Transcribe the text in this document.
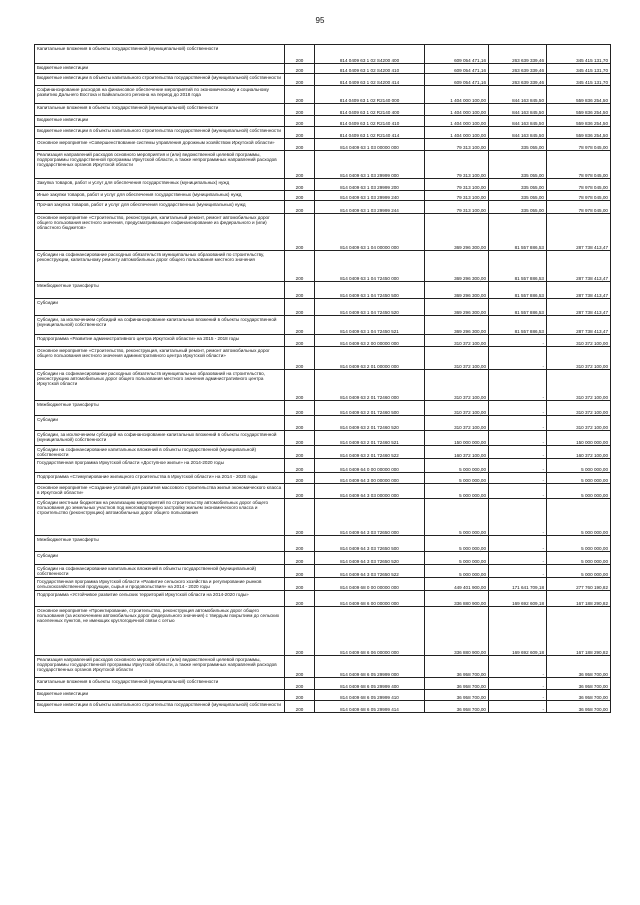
95
Капитальные вложения в объекты государственной (муниципальной) собственности	200	814 0409 63 1 02 S4200 400	609 054 471,16	263 639 339,46	345 415 131,70
Бюджетные инвестиции	200	814 0409 63 1 02 S4200 410	609 054 471,16	263 639 339,46	345 415 131,70
Бюджетные инвестиции в объекты капитального строительства государственной (муниципальной) собственности	200	814 0409 63 1 02 S4200 414	609 054 471,16	263 639 339,46	345 415 131,70
Софинансирование расходов на финансовое обеспечение мероприятий по экономическому и социальному развитию Дальнего Востока и Байкальского региона на период до 2018 года	200	814 0409 63 1 02 R2140 000	1 404 000 100,00	844 163 845,50	559 836 254,50
Капитальные вложения в объекты государственной (муниципальной) собственности	200	814 0409 63 1 02 R2140 400	1 404 000 100,00	844 163 845,50	559 836 254,50
Бюджетные инвестиции	200	814 0409 63 1 02 R2140 410	1 404 000 100,00	844 163 845,50	559 836 254,50
Бюджетные инвестиции в объекты капитального строительства государственной (муниципальной) собственности	200	814 0409 63 1 02 R2140 414	1 404 000 100,00	844 163 845,50	559 836 254,50
Основное мероприятие «Совершенствование системы управления дорожным хозяйством Иркутской области»	200	814 0409 63 1 03 00000 000	79 313 100,00	335 055,00	78 978 045,00
Реализация направлений расходов основного мероприятия и (или) ведомственной целевой программы, подпрограммы государственной программы Иркутской области, а также непрограммных направлений расходов государственных органов Иркутской области	200	814 0409 63 1 03 29999 000	79 313 100,00	335 055,00	78 978 045,00
Закупка товаров, работ и услуг для обеспечения государственных (муниципальных) нужд	200	814 0409 63 1 03 29999 200	79 313 100,00	335 055,00	78 978 045,00
Иные закупки товаров, работ и услуг для обеспечения государственных (муниципальных) нужд	200	814 0409 63 1 03 29999 240	79 313 100,00	335 055,00	78 978 045,00
Прочая закупка товаров, работ и услуг для обеспечения государственных (муниципальных) нужд	200	814 0409 63 1 03 29999 244	79 313 100,00	335 055,00	78 978 045,00
Основное мероприятие «Строительство, реконструкция, капитальный ремонт, ремонт автомобильных дорог общего пользования местного значения, предусматривающее софинансирование из федерального и (или) областного бюджетов»	200	814 0409 63 1 04 00000 000	369 296 300,00	81 557 886,53	287 738 413,47
Субсидии на софинансирование расходных обязательств муниципальных образований по строительству, реконструкции, капитальному ремонту автомобильных дорог общего пользования местного значения	200	814 0409 63 1 04 72450 000	369 296 300,00	81 557 886,53	287 738 413,47
Межбюджетные трансферты	200	814 0409 63 1 04 72450 500	369 296 300,00	81 557 886,53	287 738 413,47
Субсидии	200	814 0409 63 1 04 72450 520	369 296 300,00	81 557 886,53	287 738 413,47
Субсидии, за исключением субсидий на софинансирование капитальных вложений в объекты государственной (муниципальной) собственности	200	814 0409 63 1 04 72450 521	369 296 300,00	81 557 886,53	287 738 413,47
Подпрограмма «Развитие административного центра Иркутской области» на 2015 - 2018 годы	200	814 0409 63 2 00 00000 000	310 372 100,00	-	310 372 100,00
Основное мероприятие «Строительство, реконструкция, капитальный ремонт, ремонт автомобильных дорог общего пользования местного значения административного центра Иркутской области»	200	814 0409 63 2 01 00000 000	310 372 100,00	-	310 372 100,00
Субсидии на софинансирование расходных обязательств муниципальных образований на строительство, реконструкцию автомобильных дорог общего пользования местного значения административного центра Иркутской области	200	814 0409 63 2 01 72460 000	310 372 100,00	-	310 372 100,00
Межбюджетные трансферты	200	814 0409 63 2 01 72460 500	310 372 100,00	-	310 372 100,00
Субсидии	200	814 0409 63 2 01 72460 520	310 372 100,00	-	310 372 100,00
Субсидии, за исключением субсидий на софинансирование капитальных вложений в объекты государственной (муниципальной) собственности	200	814 0409 63 2 01 72460 521	150 000 000,00	-	150 000 000,00
Субсидии на софинансирование капитальных вложений в объекты государственной (муниципальной) собственности	200	814 0409 63 2 01 72460 522	160 372 100,00	-	160 372 100,00
Государственная программа Иркутской области «Доступное жилье» на 2014-2020 годы	200	814 0409 64 0 00 00000 000	5 000 000,00	-	5 000 000,00
Подпрограмма «Стимулирование жилищного строительства в Иркутской области» на 2014 - 2020 годы	200	814 0409 64 3 00 00000 000	5 000 000,00	-	5 000 000,00
Основное мероприятие «Создание условий для развития массового строительства жилья экономического класса в Иркутской области»	200	814 0409 64 3 03 00000 000	5 000 000,00	-	5 000 000,00
Субсидии местным бюджетам на реализацию мероприятий по строительству автомобильных дорог общего пользования до земельных участков под многоквартирную застройку жильем экономического класса и строительство (реконструкцию) автомобильных дорог общего пользования	200	814 0409 64 3 03 72650 000	5 000 000,00	-	5 000 000,00
Межбюджетные трансферты	200	814 0409 64 3 03 72650 500	5 000 000,00	-	5 000 000,00
Субсидии	200	814 0409 64 3 03 72650 520	5 000 000,00	-	5 000 000,00
Субсидии на софинансирование капитальных вложений в объекты государственной (муниципальной) собственности	200	814 0409 64 3 03 72650 522	5 000 000,00	-	5 000 000,00
Государственная программа Иркутской области «Развитие сельского хозяйства и регулирование рынков сельскохозяйственной продукции, сырья и продовольствия» на 2014 - 2020 годы	200	814 0409 68 0 00 00000 000	449 401 900,00	171 641 709,18	277 760 190,82
Подпрограмма «Устойчивое развитие сельских территорий Иркутской области на 2014-2020 годы»	200	814 0409 68 6 00 00000 000	336 880 900,00	169 692 609,18	167 188 290,82
Основное мероприятие «Проектирование, строительство, реконструкция автомобильных дорог общего пользования (за исключением автомобильных дорог федерального значения) с твердым покрытием до сельских населенных пунктов, не имеющих круглогодичной связи с сетью	200	814 0409 68 6 06 00000 000	336 880 900,00	169 692 609,18	167 188 290,82
Реализация направлений расходов основного мероприятия и (или) ведомственной целевой программы, подпрограммы государственной программы Иркутской области, а также непрограммных направлений расходов государственных органов Иркутской области	200	814 0409 68 6 05 29999 000	36 958 700,00	-	36 958 700,00
Капитальные вложения в объекты государственной (муниципальной) собственности	200	814 0409 68 6 05 29999 400	36 958 700,00	-	36 958 700,00
Бюджетные инвестиции	200	814 0409 68 6 05 29999 410	36 958 700,00	-	36 958 700,00
Бюджетные инвестиции в объекты капитального строительства государственной (муниципальной) собственности	200	814 0409 68 6 05 29999 414	36 958 700,00	-	36 958 700,00
